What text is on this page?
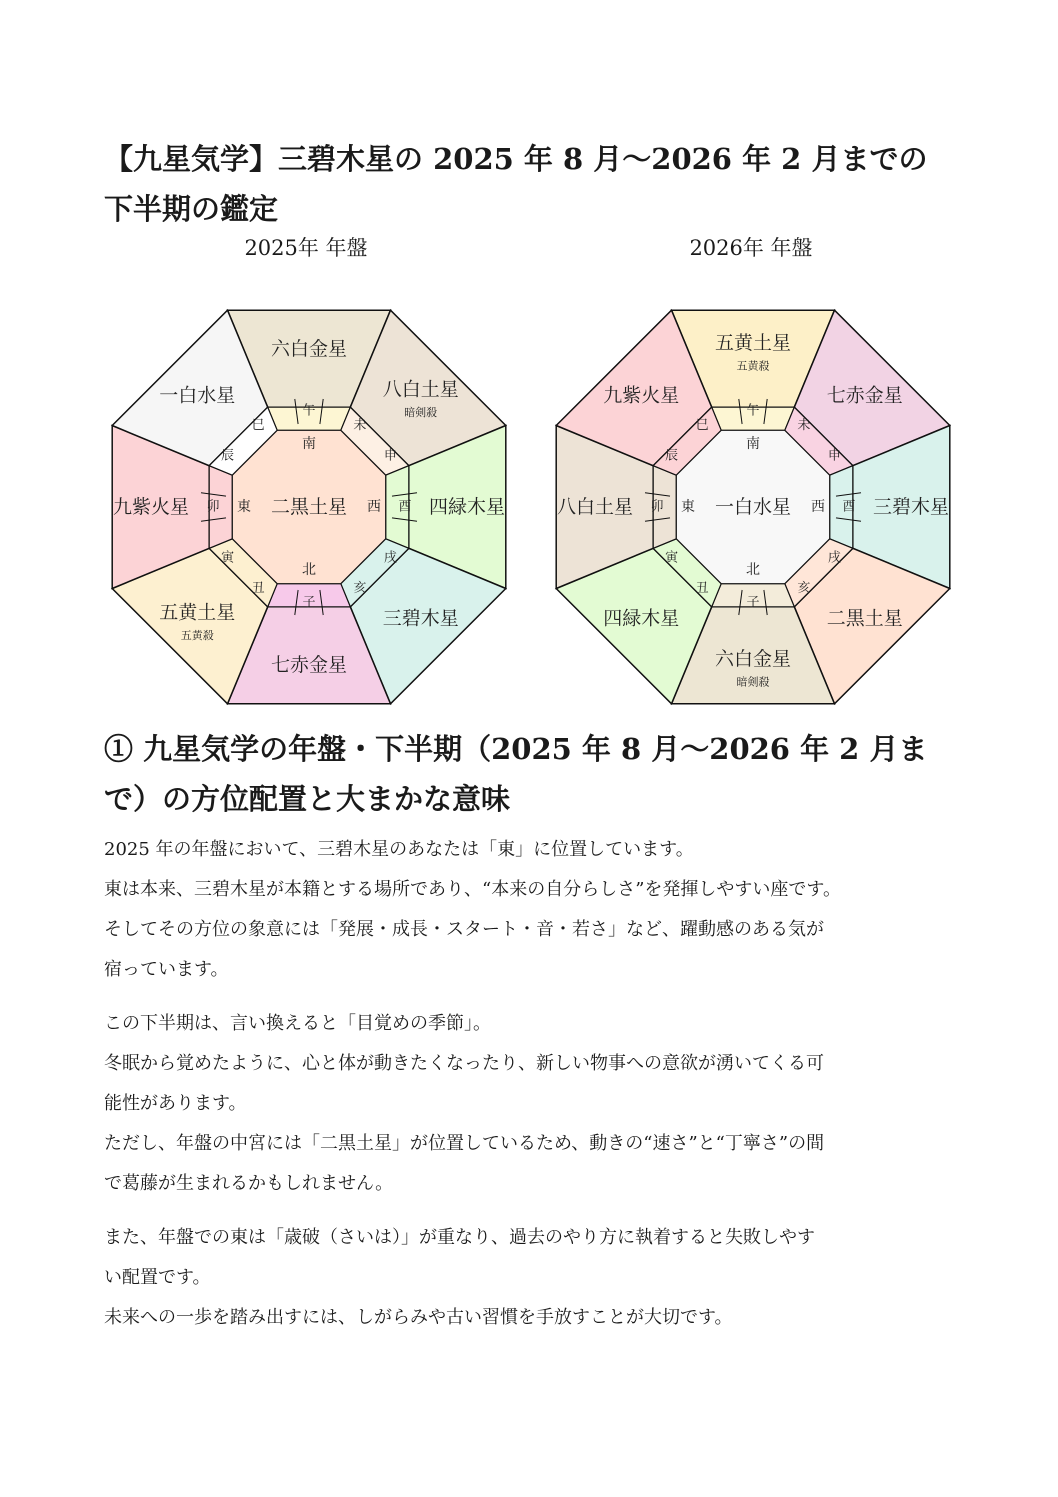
【九星気学】三碧木星の 2025 年 8 月～2026 年 2 月までの
下半期の鑑定
2025年 年盤	2026年 年盤
六白金星
八白土星
暗剣殺
四緑木星
三碧木星
七赤金星
五黄土星
五黄殺
九紫火星
一白水星
二黒土星
南
北
東	西
午
未
申
酉
戌
亥
子
丑
寅
卯
辰
巳
五黄土星
五黄殺
七赤金星
三碧木星
二黒土星
六白金星
暗剣殺
四緑木星
八白土星
九紫火星
一白水星
南
北
東	西
午
未
申
酉
戌
亥
子
丑
寅
卯
辰
巳
① 九星気学の年盤・下半期（2025 年 8 月～2026 年 2 月ま
で）の方位配置と大まかな意味

2025 年の年盤において、三碧木星のあなたは「東」に位置しています。

東は本来、三碧木星が本籍とする場所であり、“本来の自分らしさ”を発揮しやすい座です。

そしてその方位の象意には「発展・成長・スタート・音・若さ」など、躍動感のある気が

宿っています。

この下半期は、言い換えると「目覚めの季節」。

冬眠から覚めたように、心と体が動きたくなったり、新しい物事への意欲が湧いてくる可

能性があります。

ただし、年盤の中宮には「二黒土星」が位置しているため、動きの“速さ”と“丁寧さ”の間

で葛藤が生まれるかもしれません。

また、年盤での東は「歳破（さいは）」が重なり、過去のやり方に執着すると失敗しやす

い配置です。

未来への一歩を踏み出すには、しがらみや古い習慣を手放すことが大切です。
